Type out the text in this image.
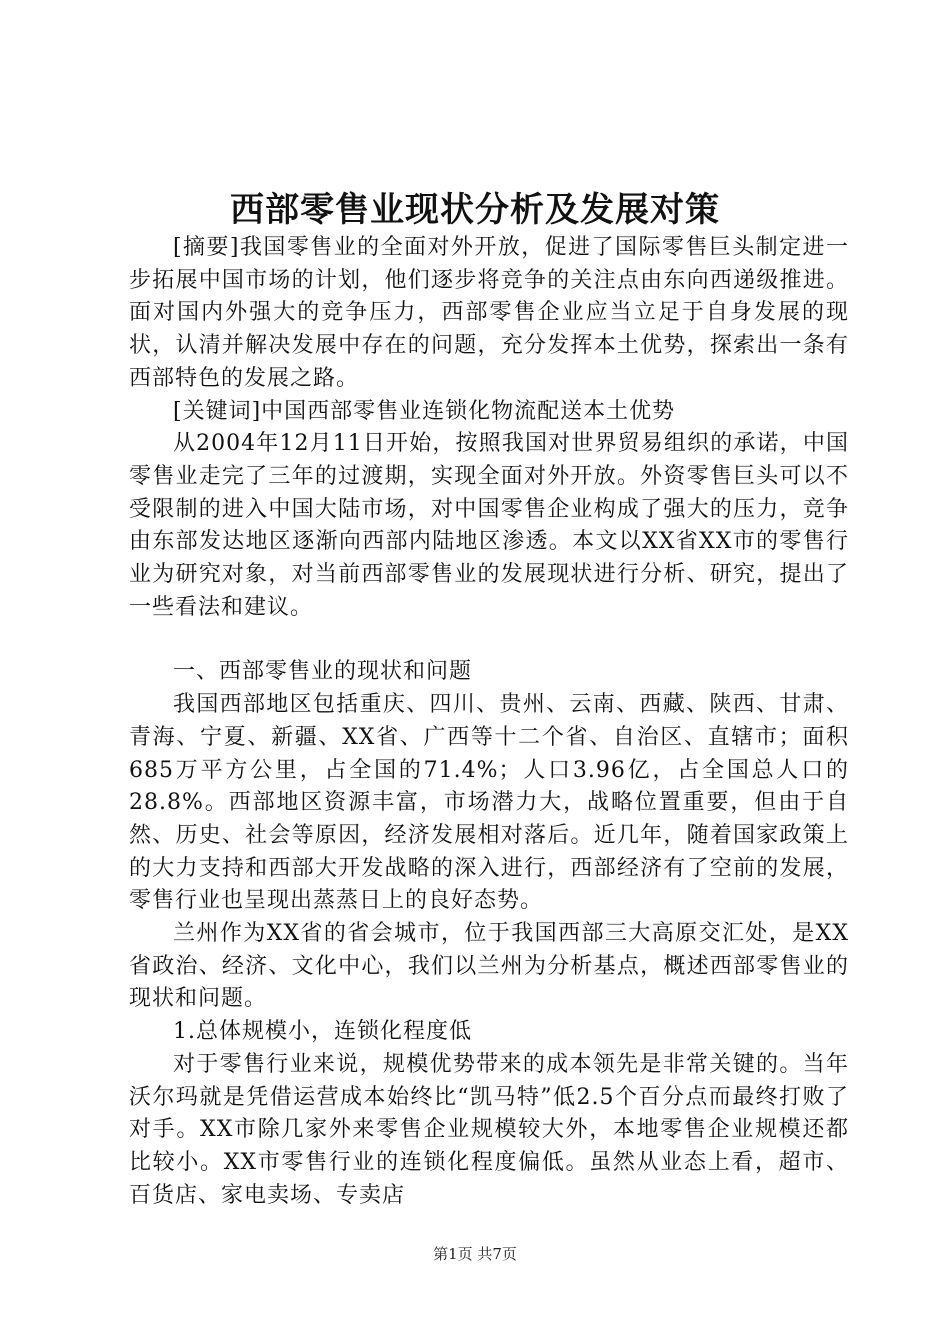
西部零售业现状分析及发展对策

[摘要]我国零售业的全面对外开放，促进了国际零售巨头制定进一步拓展中国市场的计划，他们逐步将竞争的关注点由东向西递级推进。面对国内外强大的竞争压力，西部零售企业应当立足于自身发展的现状，认清并解决发展中存在的问题，充分发挥本土优势，探索出一条有西部特色的发展之路。

[关键词]中国西部零售业连锁化物流配送本土优势

从2004年12月11日开始，按照我国对世界贸易组织的承诺，中国零售业走完了三年的过渡期，实现全面对外开放。外资零售巨头可以不受限制的进入中国大陆市场，对中国零售企业构成了强大的压力，竞争由东部发达地区逐渐向西部内陆地区渗透。本文以XX省XX市的零售行业为研究对象，对当前西部零售业的发展现状进行分析、研究，提出了一些看法和建议。

一、西部零售业的现状和问题

我国西部地区包括重庆、四川、贵州、云南、西藏、陕西、甘肃、青海、宁夏、新疆、XX省、广西等十二个省、自治区、直辖市；面积685万平方公里，占全国的71.4%；人口3.96亿，占全国总人口的28.8%。西部地区资源丰富，市场潜力大，战略位置重要，但由于自然、历史、社会等原因，经济发展相对落后。近几年，随着国家政策上的大力支持和西部大开发战略的深入进行，西部经济有了空前的发展，零售行业也呈现出蒸蒸日上的良好态势。

兰州作为XX省的省会城市，位于我国西部三大高原交汇处，是XX省政治、经济、文化中心，我们以兰州为分析基点，概述西部零售业的现状和问题。

1.总体规模小，连锁化程度低

对于零售行业来说，规模优势带来的成本领先是非常关键的。当年沃尔玛就是凭借运营成本始终比“凯马特”低2.5个百分点而最终打败了对手。XX市除几家外来零售企业规模较大外，本地零售企业规模还都比较小。XX市零售行业的连锁化程度偏低。虽然从业态上看，超市、百货店、家电卖场、专卖店

第1页 共7页
